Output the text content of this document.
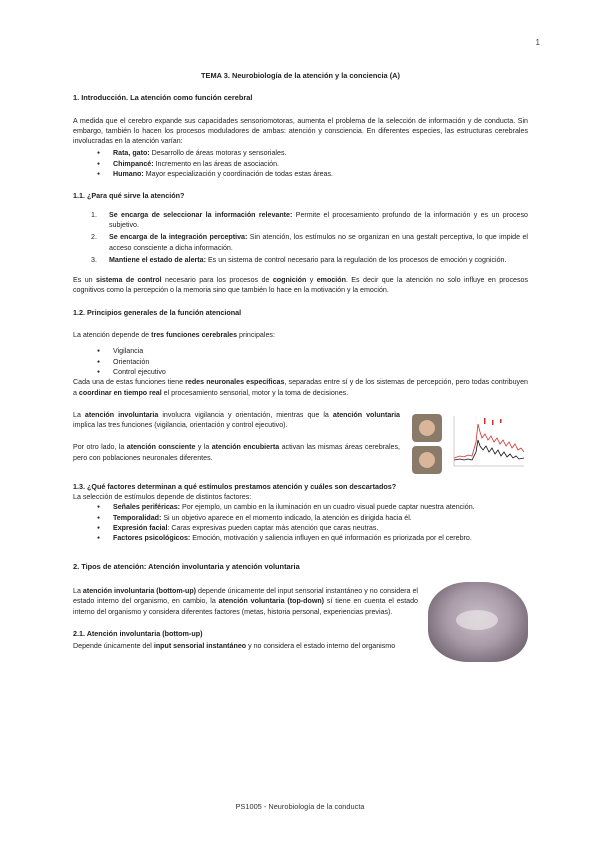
1
TEMA 3. Neurobiología de la atención y la conciencia (A)
1. Introducción. La atención como función cerebral

A medida que el cerebro expande sus capacidades sensoriomotoras, aumenta el problema de la selección de información y de conducta. Sin embargo, también lo hacen los procesos moduladores de ambas: atención y consciencia. En diferentes especies, las estructuras cerebrales involucradas en la atención varían:

● Rata, gato: Desarrollo de áreas motoras y sensoriales.
● Chimpancé: Incremento en las áreas de asociación.
● Humano: Mayor especialización y coordinación de todas estas áreas.
1.1. ¿Para qué sirve la atención?
1. Se encarga de seleccionar la información relevante: Permite el procesamiento profundo de la información y es un proceso subjetivo.
2. Se encarga de la integración perceptiva: Sin atención, los estímulos no se organizan en una gestalt perceptiva, lo que impide el acceso consciente a dicha información.
3. Mantiene el estado de alerta: Es un sistema de control necesario para la regulación de los procesos de emoción y cognición.

Es un sistema de control necesario para los procesos de cognición y emoción. Es decir que la atención no solo influye en procesos cognitivos como la percepción o la memoria sino que también lo hace en la motivación y la emoción.

1.2. Principios generales de la función atencional

La atención depende de tres funciones cerebrales principales:

● Vigilancia
● Orientación
● Control ejecutivo

Cada una de estas funciones tiene redes neuronales específicas, separadas entre sí y de los sistemas de percepción, pero todas contribuyen a coordinar en tiempo real el procesamiento sensorial, motor y la toma de decisiones.

La atención involuntaria involucra vigilancia y orientación, mientras que la atención voluntaria implica las tres funciones (vigilancia, orientación y control ejecutivo).

Por otro lado, la atención consciente y la atención encubierta activan las mismas áreas cerebrales, pero con poblaciones neuronales diferentes.

1.3. ¿Qué factores determinan a qué estímulos prestamos atención y cuáles son descartados?

La selección de estímulos depende de distintos factores:

● Señales periféricas: Por ejemplo, un cambio en la iluminación en un cuadro visual puede captar nuestra atención.
● Temporalidad: Si un objetivo aparece en el momento indicado, la atención es dirigida hacia él.
● Expresión facial: Caras expresivas pueden captar más atención que caras neutras.
● Factores psicológicos: Emoción, motivación y saliencia influyen en qué información es priorizada por el cerebro.
2. Tipos de atención: Atención involuntaria y atención voluntaria

La atención involuntaria (bottom-up) depende únicamente del input sensorial instantáneo y no considera el estado interno del organismo, en cambio, la atención voluntaria (top-down) sí tiene en cuenta el estado interno del organismo y considera diferentes factores (metas, historia personal, experiencias previas).

2.1. Atención involuntaria (bottom-up)

Depende únicamente del input sensorial instantáneo y no considera el estado interno del organismo

PS1005 - Neurobiología de la conducta
